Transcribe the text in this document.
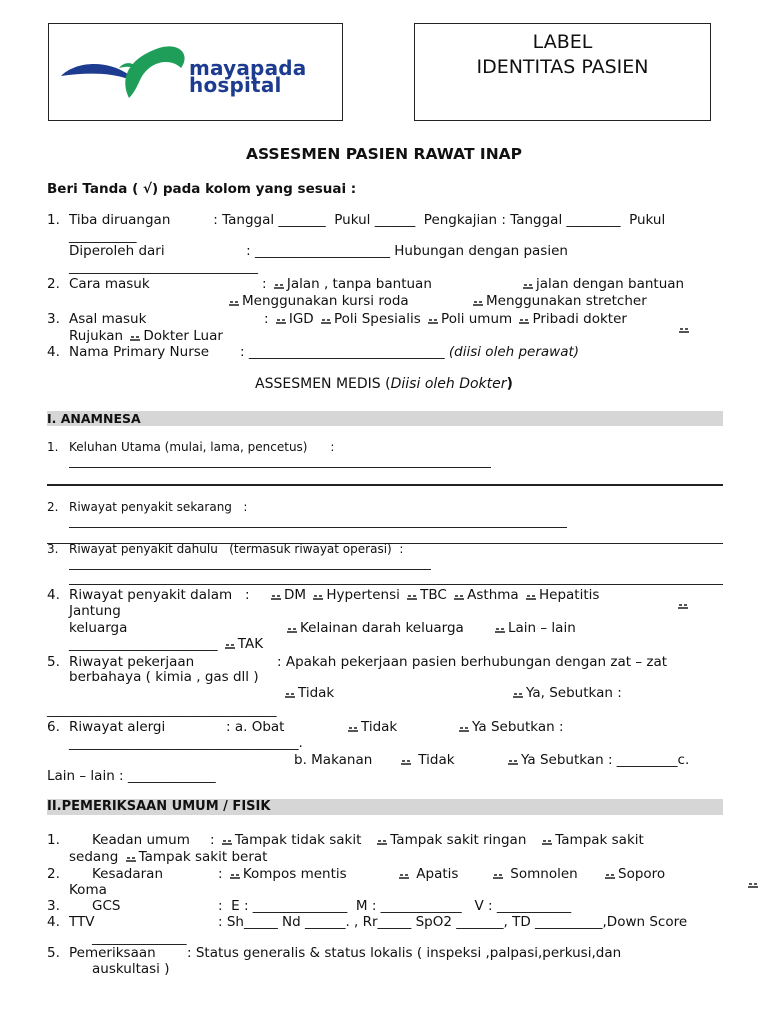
mayapada
hospital
LABEL
IDENTITAS PASIEN
ASSESMEN PASIEN RAWAT INAP
Beri Tanda ( √) pada kolom yang sesuai :
1. Tiba diruangan          : Tanggal _______  Pukul ______  Pengkajian : Tanggal ________  Pukul
__________
Diperoleh dari                   : ____________________ Hubungan dengan pasien
____________________________
2. Cara masuk	: Jalan , tanpa bantuan	jalan dengan bantuan
Menggunakan kursi roda	Menggunakan stretcher
3. Asal masuk	: IGD Poli Spesialis Poli umum Pribadi dokter

Rujukan Dokter Luar
4. Nama Primary Nurse : _____________________________ (diisi oleh perawat)
ASSESMEN MEDIS (Diisi oleh Dokter)
I. ANAMNESA
1. Keluhan Utama (mulai, lama, pencetus)      :
2. Riwayat penyakit sekarang   :
3. Riwayat penyakit dahulu   (termasuk riwayat operasi)  :
4. Riwayat penyakit dalam   :	DM Hypertensi TBC Asthma Hepatitis

Jantung
keluarga	Kelainan darah keluarga	Lain – lain
______________________ TAK
5. Riwayat pekerjaan	: Apakah pekerjaan pasien berhubungan dengan zat – zat
berbahaya ( kimia , gas dll )
Tidak	Ya, Sebutkan :
__________________________________
6. Riwayat alergi	: a. Obat	Tidak	Ya Sebutkan :
__________________________________.
b. Makanan	Tidak	Ya Sebutkan : _________c.
Lain – lain : _____________
II.PEMERIKSAAN UMUM / FISIK
1. Keadan umum : Tampak tidak sakit Tampak sakit ringan Tampak sakit
sedang Tampak sakit berat
2. Kesadaran	: Kompos mentis	Apatis	Somnolen	Soporo
Koma
3. GCS	:  E : ______________  M : ____________   V : ___________
4. TTV	: Sh_____ Nd ______. , Rr_____ SpO2 _______, TD __________,Down Score
______________
5. Pemeriksaan : Status generalis & status lokalis ( inspeksi ,palpasi,perkusi,dan
auskultasi )
